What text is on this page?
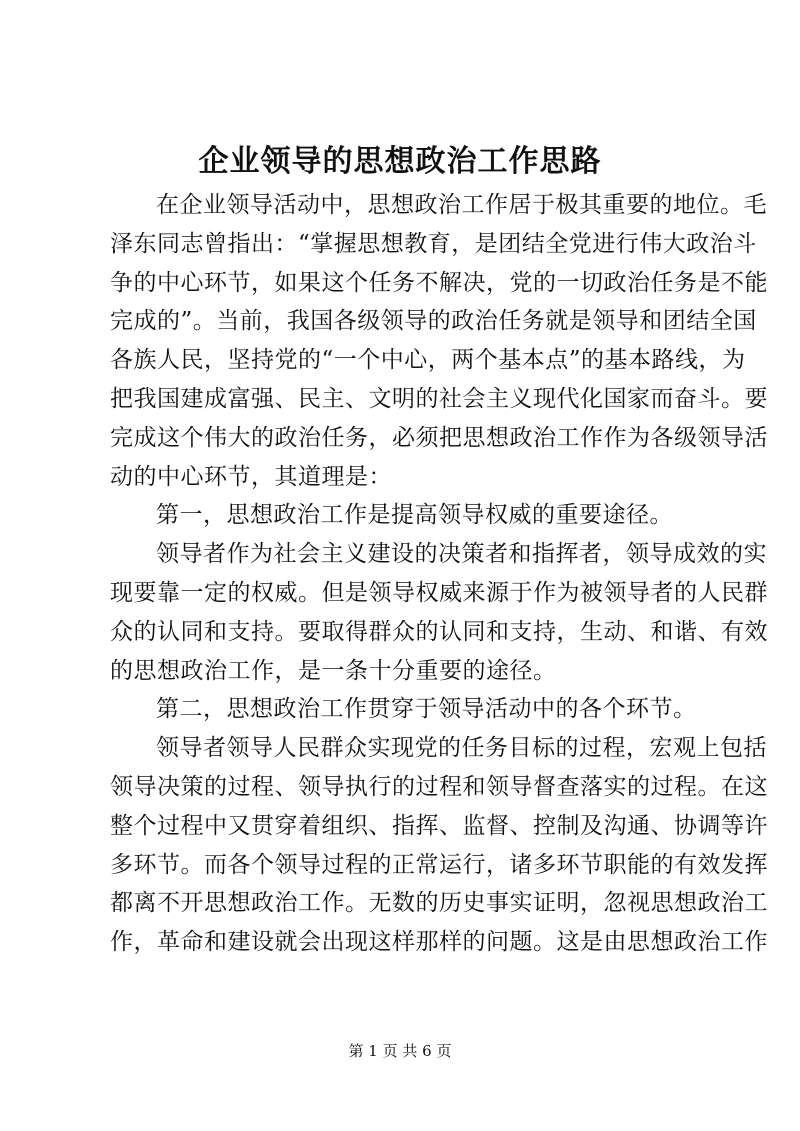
企业领导的思想政治工作思路
在企业领导活动中，思想政治工作居于极其重要的地位。毛
泽东同志曾指出：“掌握思想教育，是团结全党进行伟大政治斗
争的中心环节，如果这个任务不解决，党的一切政治任务是不能
完成的”。当前，我国各级领导的政治任务就是领导和团结全国
各族人民，坚持党的“一个中心，两个基本点”的基本路线，为
把我国建成富强、民主、文明的社会主义现代化国家而奋斗。要
完成这个伟大的政治任务，必须把思想政治工作作为各级领导活
动的中心环节，其道理是：
第一，思想政治工作是提高领导权威的重要途径。
领导者作为社会主义建设的决策者和指挥者，领导成效的实
现要靠一定的权威。但是领导权威来源于作为被领导者的人民群
众的认同和支持。要取得群众的认同和支持，生动、和谐、有效
的思想政治工作，是一条十分重要的途径。
第二，思想政治工作贯穿于领导活动中的各个环节。
领导者领导人民群众实现党的任务目标的过程，宏观上包括
领导决策的过程、领导执行的过程和领导督查落实的过程。在这
整个过程中又贯穿着组织、指挥、监督、控制及沟通、协调等许
多环节。而各个领导过程的正常运行，诸多环节职能的有效发挥
都离不开思想政治工作。无数的历史事实证明，忽视思想政治工
作，革命和建设就会出现这样那样的问题。这是由思想政治工作
第 1 页 共 6 页
